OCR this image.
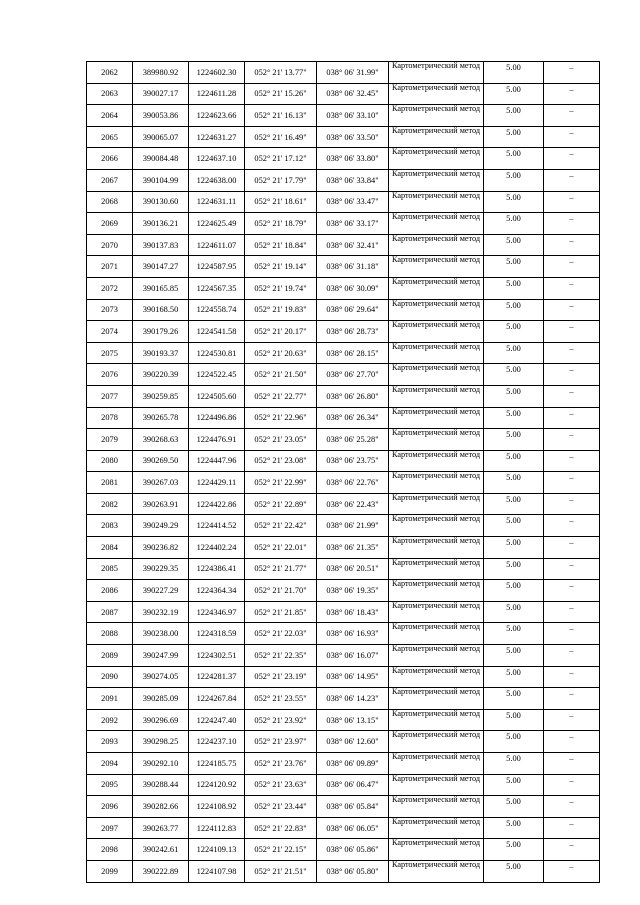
2062	389980.92	1224602.30	052° 21' 13.77"	038° 06' 31.99"	Картометрический метод	5.00	–
2063	390027.17	1224611.28	052° 21' 15.26"	038° 06' 32.45"	Картометрический метод	5.00	–
2064	390053.86	1224623.66	052° 21' 16.13"	038° 06' 33.10"	Картометрический метод	5.00	–
2065	390065.07	1224631.27	052° 21' 16.49"	038° 06' 33.50"	Картометрический метод	5.00	–
2066	390084.48	1224637.10	052° 21' 17.12"	038° 06' 33.80"	Картометрический метод	5.00	–
2067	390104.99	1224638.00	052° 21' 17.79"	038° 06' 33.84"	Картометрический метод	5.00	–
2068	390130.60	1224631.11	052° 21' 18.61"	038° 06' 33.47"	Картометрический метод	5.00	–
2069	390136.21	1224625.49	052° 21' 18.79"	038° 06' 33.17"	Картометрический метод	5.00	–
2070	390137.83	1224611.07	052° 21' 18.84"	038° 06' 32.41"	Картометрический метод	5.00	–
2071	390147.27	1224587.95	052° 21' 19.14"	038° 06' 31.18"	Картометрический метод	5.00	–
2072	390165.85	1224567.35	052° 21' 19.74"	038° 06' 30.09"	Картометрический метод	5.00	–
2073	390168.50	1224558.74	052° 21' 19.83"	038° 06' 29.64"	Картометрический метод	5.00	–
2074	390179.26	1224541.58	052° 21' 20.17"	038° 06' 28.73"	Картометрический метод	5.00	–
2075	390193.37	1224530.81	052° 21' 20.63"	038° 06' 28.15"	Картометрический метод	5.00	–
2076	390220.39	1224522.45	052° 21' 21.50"	038° 06' 27.70"	Картометрический метод	5.00	–
2077	390259.85	1224505.60	052° 21' 22.77"	038° 06' 26.80"	Картометрический метод	5.00	–
2078	390265.78	1224496.86	052° 21' 22.96"	038° 06' 26.34"	Картометрический метод	5.00	–
2079	390268.63	1224476.91	052° 21' 23.05"	038° 06' 25.28"	Картометрический метод	5.00	–
2080	390269.50	1224447.96	052° 21' 23.08"	038° 06' 23.75"	Картометрический метод	5.00	–
2081	390267.03	1224429.11	052° 21' 22.99"	038° 06' 22.76"	Картометрический метод	5.00	–
2082	390263.91	1224422.86	052° 21' 22.89"	038° 06' 22.43"	Картометрический метод	5.00	–
2083	390249.29	1224414.52	052° 21' 22.42"	038° 06' 21.99"	Картометрический метод	5.00	–
2084	390236.82	1224402.24	052° 21' 22.01"	038° 06' 21.35"	Картометрический метод	5.00	–
2085	390229.35	1224386.41	052° 21' 21.77"	038° 06' 20.51"	Картометрический метод	5.00	–
2086	390227.29	1224364.34	052° 21' 21.70"	038° 06' 19.35"	Картометрический метод	5.00	–
2087	390232.19	1224346.97	052° 21' 21.85"	038° 06' 18.43"	Картометрический метод	5.00	–
2088	390238.00	1224318.59	052° 21' 22.03"	038° 06' 16.93"	Картометрический метод	5.00	–
2089	390247.99	1224302.51	052° 21' 22.35"	038° 06' 16.07"	Картометрический метод	5.00	–
2090	390274.05	1224281.37	052° 21' 23.19"	038° 06' 14.95"	Картометрический метод	5.00	–
2091	390285.09	1224267.84	052° 21' 23.55"	038° 06' 14.23"	Картометрический метод	5.00	–
2092	390296.69	1224247.40	052° 21' 23.92"	038° 06' 13.15"	Картометрический метод	5.00	–
2093	390298.25	1224237.10	052° 21' 23.97"	038° 06' 12.60"	Картометрический метод	5.00	–
2094	390292.10	1224185.75	052° 21' 23.76"	038° 06' 09.89"	Картометрический метод	5.00	–
2095	390288.44	1224120.92	052° 21' 23.63"	038° 06' 06.47"	Картометрический метод	5.00	–
2096	390282.66	1224108.92	052° 21' 23.44"	038° 06' 05.84"	Картометрический метод	5.00	–
2097	390263.77	1224112.83	052° 21' 22.83"	038° 06' 06.05"	Картометрический метод	5.00	–
2098	390242.61	1224109.13	052° 21' 22.15"	038° 06' 05.86"	Картометрический метод	5.00	–
2099	390222.89	1224107.98	052° 21' 21.51"	038° 06' 05.80"	Картометрический метод	5.00	–
